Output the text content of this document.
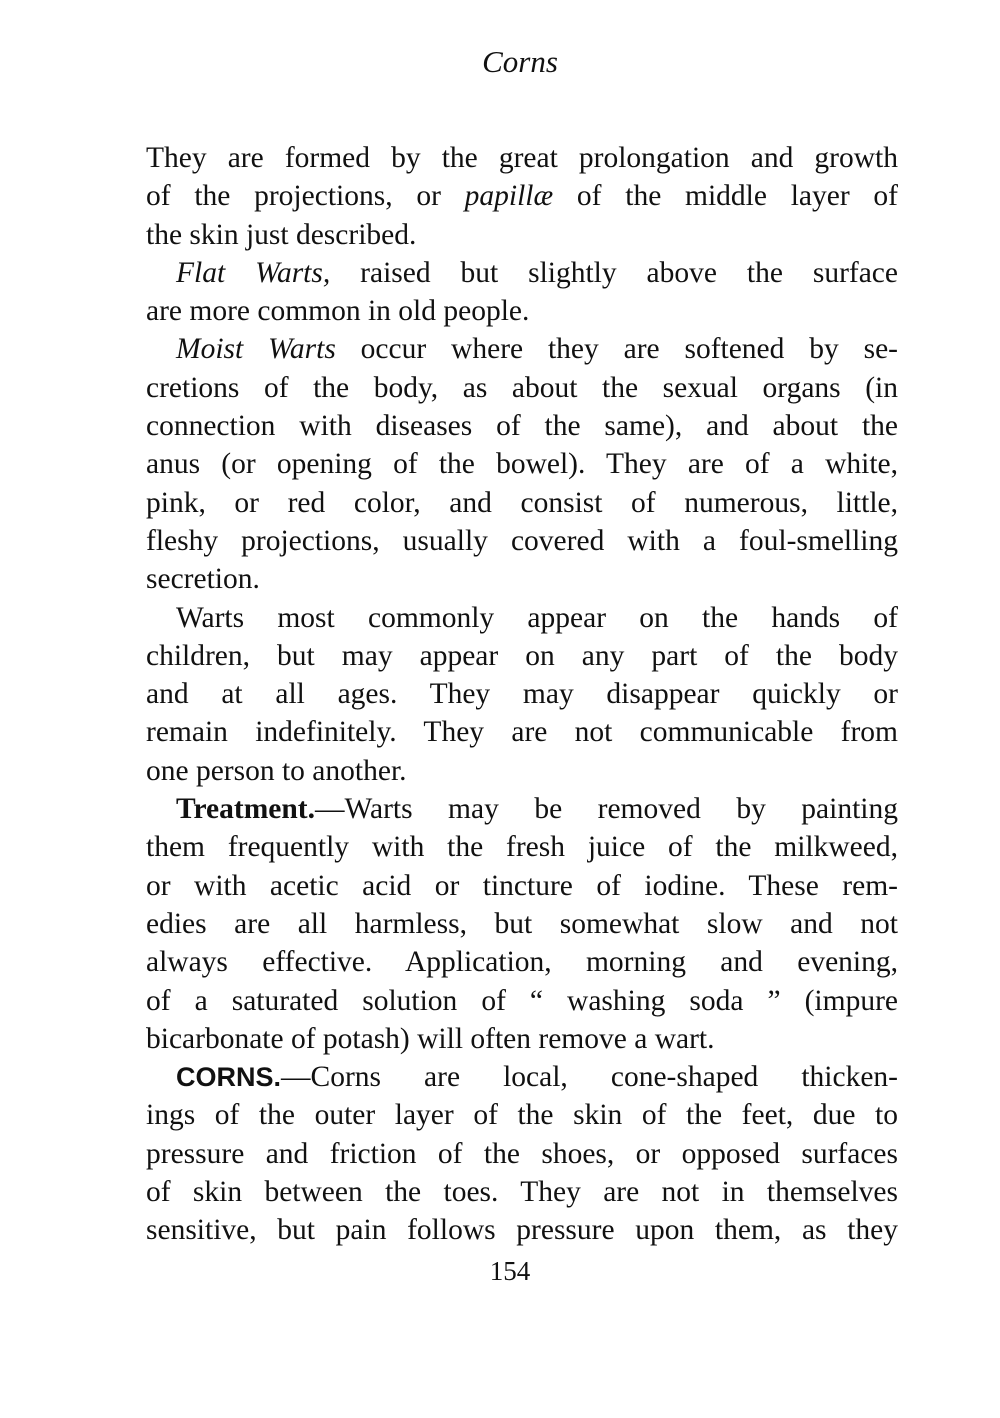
Corns
They are formed by the great prolongation and growth
of the projections, or papillæ of the middle layer of
the skin just described.
Flat Warts, raised but slightly above the surface
are more common in old people.
Moist Warts occur where they are softened by se-
cretions of the body, as about the sexual organs (in
connection with diseases of the same), and about the
anus (or opening of the bowel). They are of a white,
pink, or red color, and consist of numerous, little,
fleshy projections, usually covered with a foul-smelling
secretion.
Warts most commonly appear on the hands of
children, but may appear on any part of the body
and at all ages. They may disappear quickly or
remain indefinitely. They are not communicable from
one person to another.
Treatment.—Warts may be removed by painting
them frequently with the fresh juice of the milkweed,
or with acetic acid or tincture of iodine. These rem-
edies are all harmless, but somewhat slow and not
always effective. Application, morning and evening,
of a saturated solution of “ washing soda ” (impure
bicarbonate of potash) will often remove a wart.
CORNS.—Corns are local, cone-shaped thicken-
ings of the outer layer of the skin of the feet, due to
pressure and friction of the shoes, or opposed surfaces
of skin between the toes. They are not in themselves
sensitive, but pain follows pressure upon them, as they
154
